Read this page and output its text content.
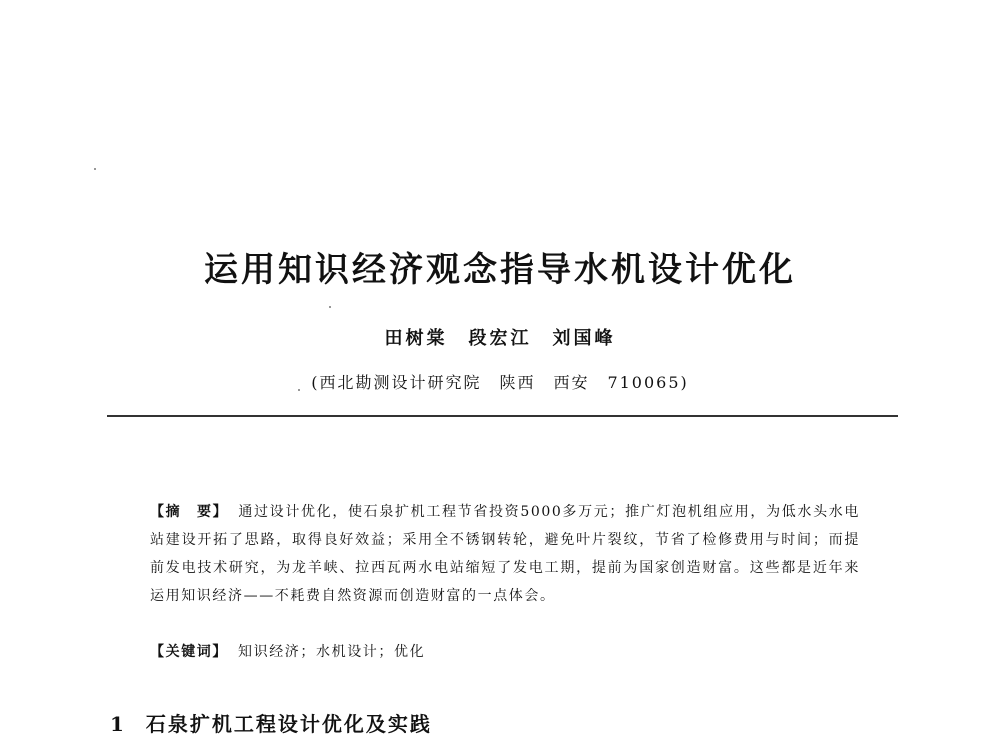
运用知识经济观念指导水机设计优化
田树棠　段宏江　刘国峰
(西北勘测设计研究院　陕西　西安　710065)
【摘　要】 通过设计优化，使石泉扩机工程节省投资5000多万元；推广灯泡机组应用，为低水头水电站建设开拓了思路，取得良好效益；采用全不锈钢转轮，避免叶片裂纹，节省了检修费用与时间；而提前发电技术研究，为龙羊峡、拉西瓦两水电站缩短了发电工期，提前为国家创造财富。这些都是近年来运用知识经济——不耗费自然资源而创造财富的一点体会。
【关键词】 知识经济；水机设计；优化
1 石泉扩机工程设计优化及实践
